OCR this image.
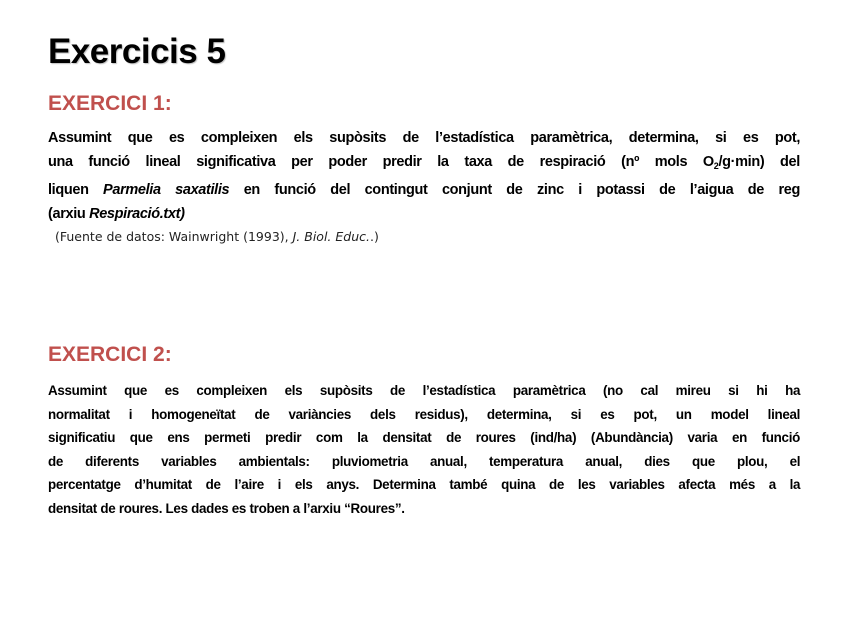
Exercicis 5
EXERCICI 1:
Assumint que es compleixen els supòsits de l’estadística paramètrica, determina, si es pot,
una funció lineal significativa per poder predir la taxa de respiració (nº mols $O_2/g\cdot\min$) del
liquen Parmelia saxatilis en funció del contingut conjunt de zinc i potassi de l’aigua de reg
(arxiu Respiració.txt)
(Fuente de datos: Wainwright (1993), J. Biol. Educ..)
EXERCICI 2:
Assumint que es compleixen els supòsits de l’estadística paramètrica (no cal mireu si hi ha
normalitat i homogeneïtat de variàncies dels residus), determina, si es pot, un model lineal
significatiu que ens permeti predir com la densitat de roures (ind/ha) (Abundància) varia en funció
de diferents variables ambientals: pluviometria anual, temperatura anual, dies que plou, el
percentatge d’humitat de l’aire i els anys. Determina també quina de les variables afecta més a la
densitat de roures. Les dades es troben a l’arxiu “Roures”.
